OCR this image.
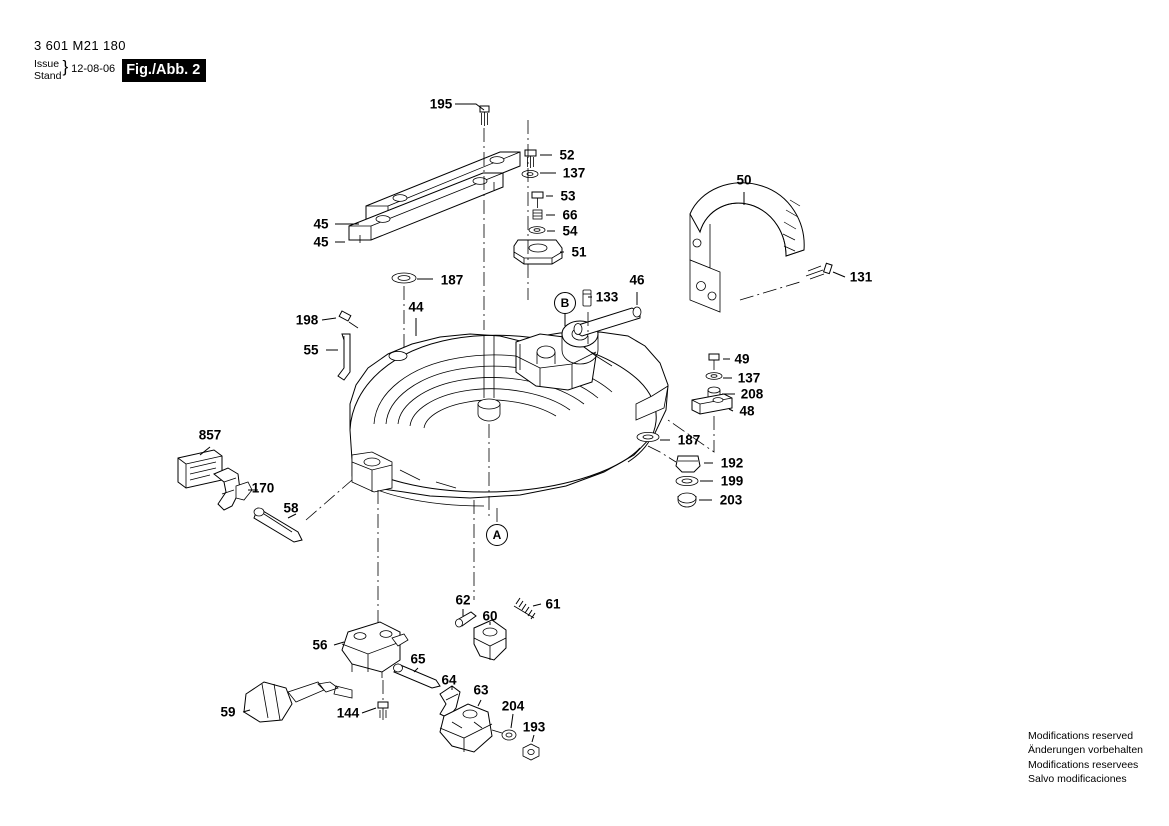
3 601 M21 180
Issue
Stand
} 12-08-06 Fig./Abb. 2
Modifications reserved
Änderungen vorbehalten
Modifications reservees
Salvo modificaciones
195
52
137
53
66
54
51
50
131
45
45
187
44
133
46
198
55
49
137
208
48
187
192
199
203
857
170
58
62
60
61
56
65
64
63
204
193
59	144
A
B
